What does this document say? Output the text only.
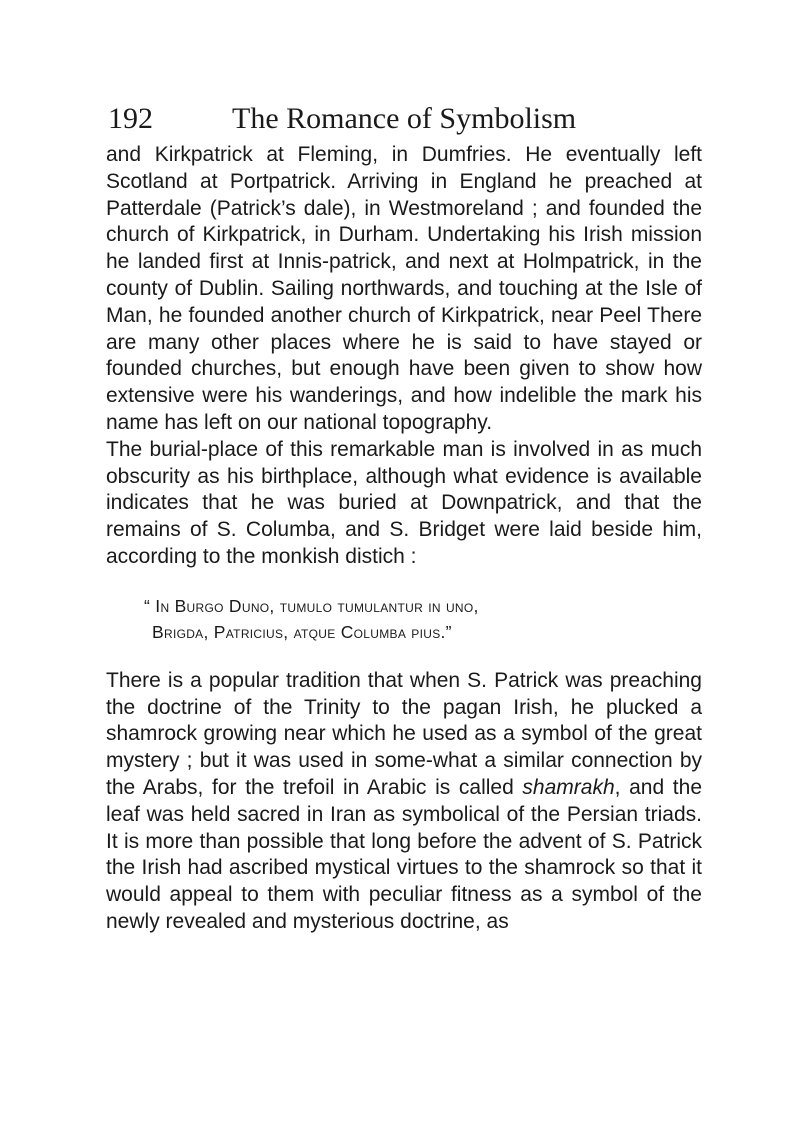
192	The Romance of Symbolism

and Kirkpatrick at Fleming, in Dumfries. He eventually left Scotland at Portpatrick. Arriving in England he preached at Patterdale (Patrick’s dale), in Westmoreland ; and founded the church of Kirkpatrick, in Durham. Undertaking his Irish mission he landed first at Innis-patrick, and next at Holmpatrick, in the county of Dublin. Sailing northwards, and touching at the Isle of Man, he founded another church of Kirkpatrick, near Peel There are many other places where he is said to have stayed or founded churches, but enough have been given to show how extensive were his wanderings, and how indelible the mark his name has left on our national topography.

The burial-place of this remarkable man is involved in as much obscurity as his birthplace, although what evidence is available indicates that he was buried at Downpatrick, and that the remains of S. Columba, and S. Bridget were laid beside him, according to the monkish distich :

“ In Burgo Duno, tumulo tumulantur in uno,
Brigda, Patricius, atque Columba pius.”

There is a popular tradition that when S. Patrick was preaching the doctrine of the Trinity to the pagan Irish, he plucked a shamrock growing near which he used as a symbol of the great mystery ; but it was used in some-what a similar connection by the Arabs, for the trefoil in Arabic is called shamrakh, and the leaf was held sacred in Iran as symbolical of the Persian triads. It is more than possible that long before the advent of S. Patrick the Irish had ascribed mystical virtues to the shamrock so that it would appeal to them with peculiar fitness as a symbol of the newly revealed and mysterious doctrine, as
